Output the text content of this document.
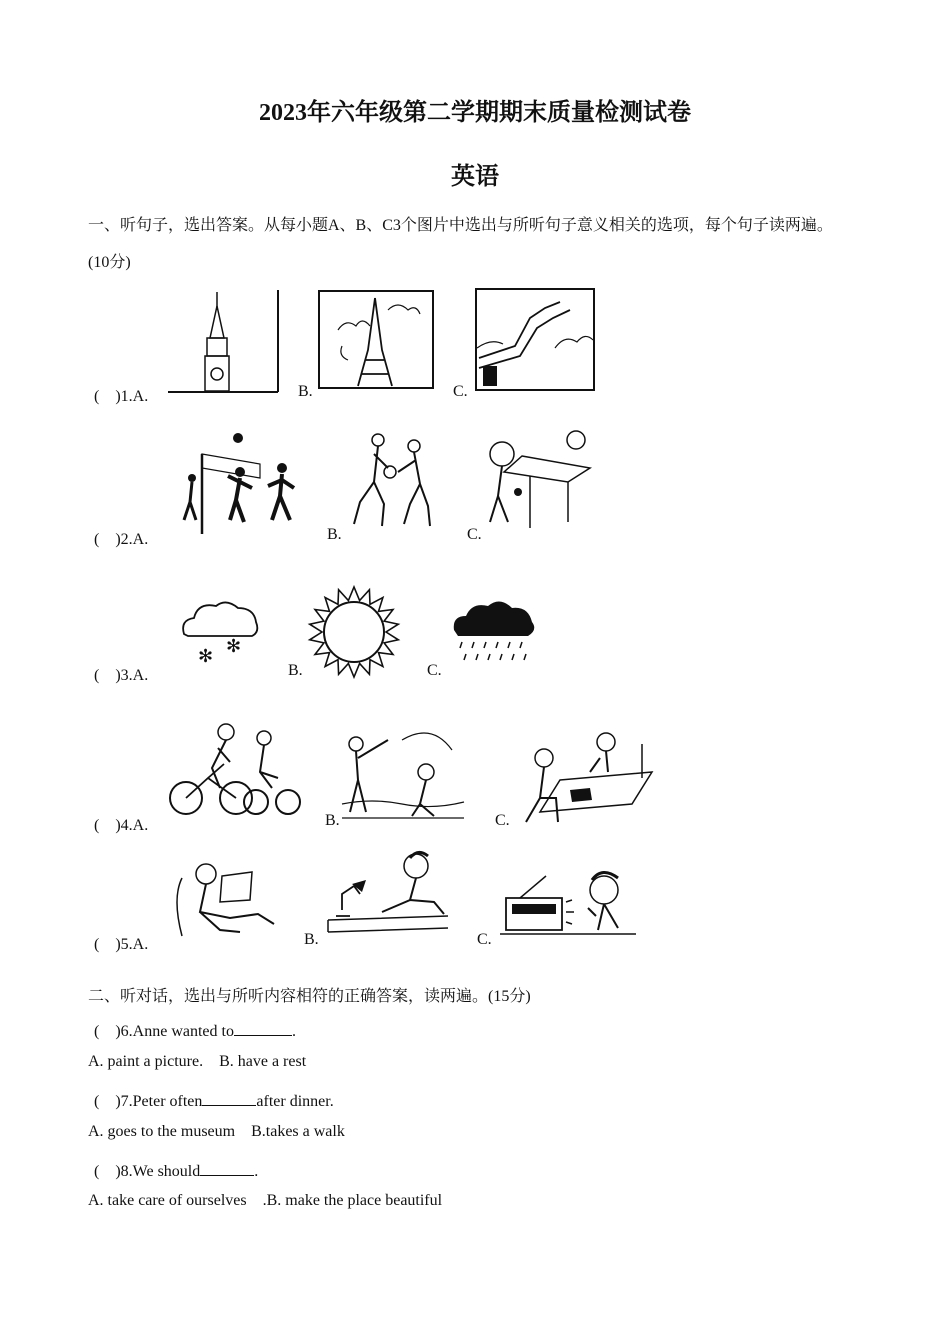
2023年六年级第二学期期末质量检测试卷
英语
一、听句子，选出答案。从每小题A、B、C3个图片中选出与所听句子意义相关的选项，每个句子读两遍。
(10分)
(　)1.A.	B.	C.
(　)2.A.	B.	C.
(　)3.A.
✻ ✻
B.	C.
(　)4.A.	B.	C.
(　)5.A.	B.	C.
二、听对话，选出与所听内容相符的正确答案，读两遍。(15分)
(　)6.Anne wanted to	.
A. paint a picture. B. have a rest
(　)7.Peter often	after dinner.
A. goes to the museum B.takes a walk
(　)8.We should	.
A. take care of ourselves .B. make the place beautiful
